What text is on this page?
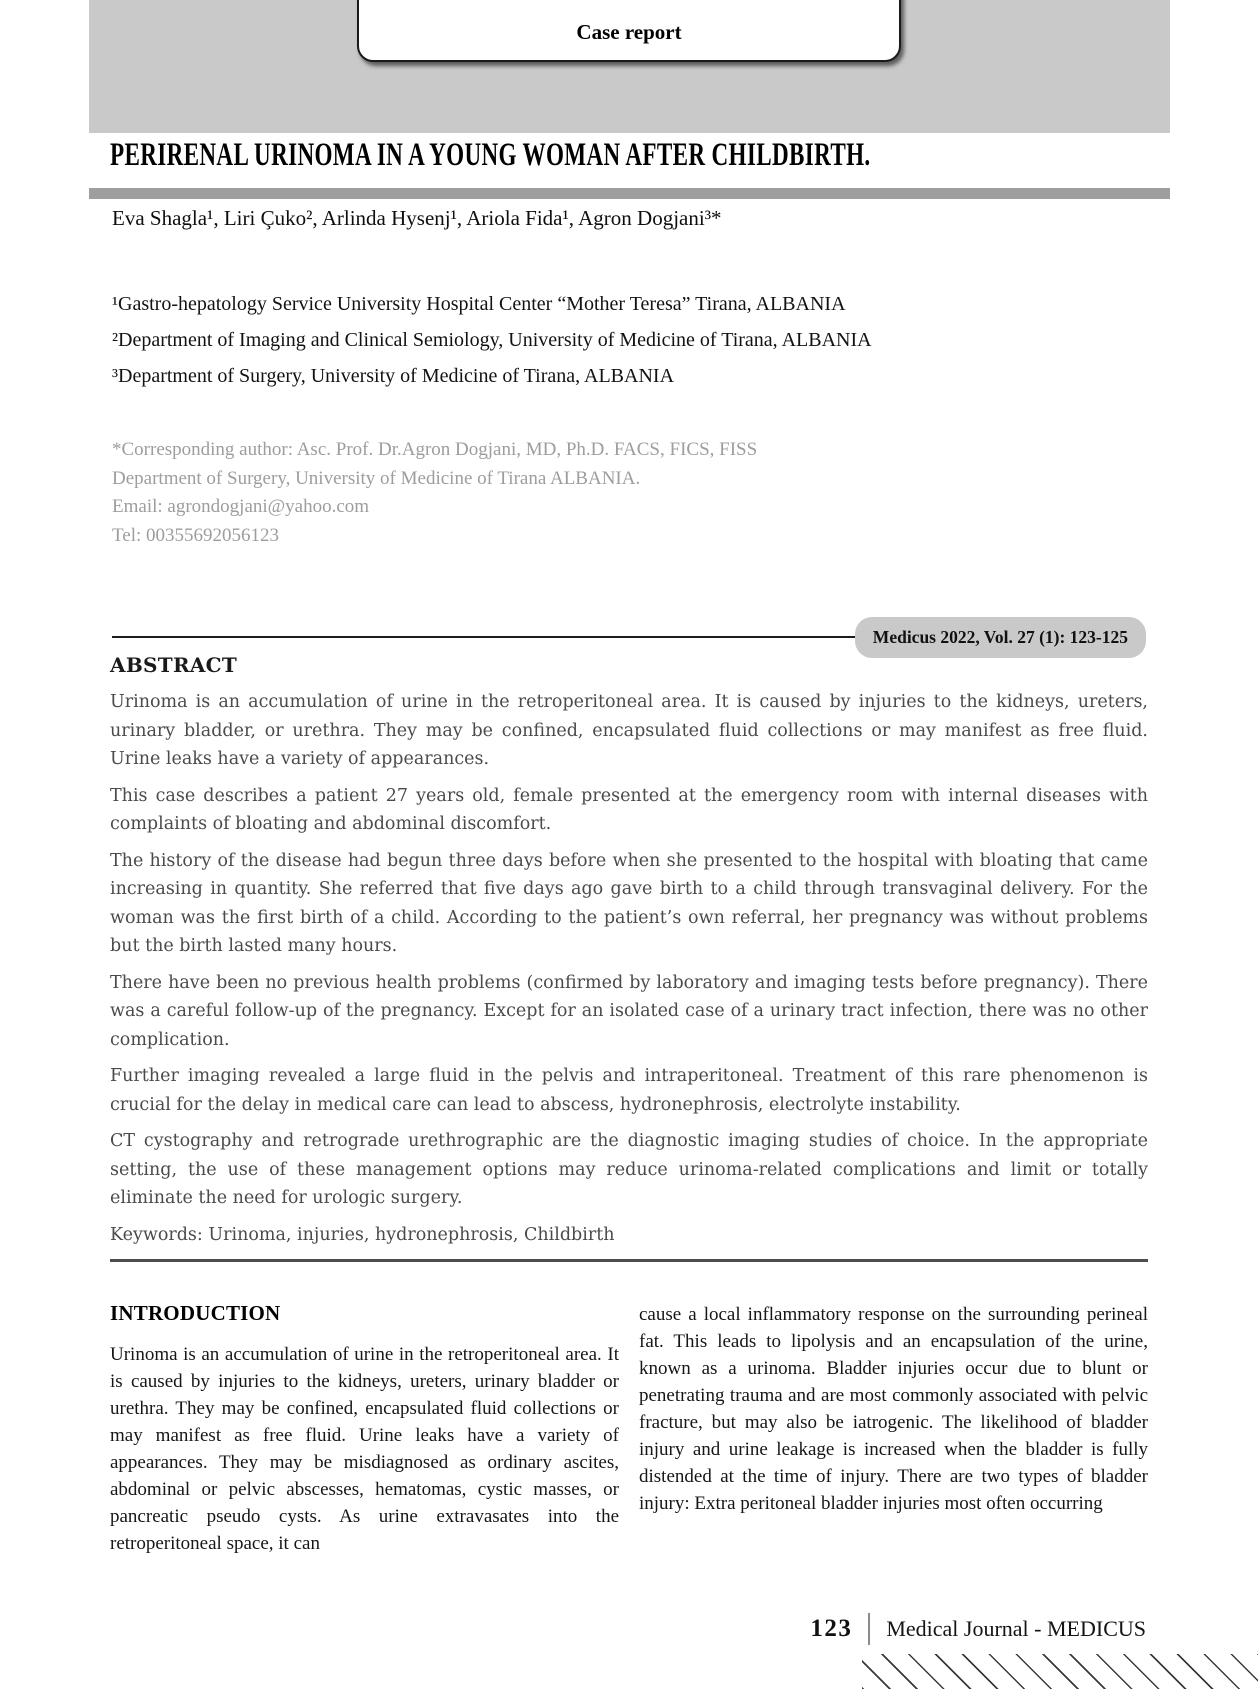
Case report
PERIRENAL URINOMA IN A YOUNG WOMAN AFTER CHILDBIRTH.
Eva Shagla¹, Liri Çuko², Arlinda Hysenj¹, Ariola Fida¹, Agron Dogjani³*
¹Gastro-hepatology Service University Hospital Center “Mother Teresa” Tirana, ALBANIA
²Department of Imaging and Clinical Semiology, University of Medicine of Tirana, ALBANIA
³Department of Surgery, University of Medicine of Tirana, ALBANIA
*Corresponding author: Asc. Prof. Dr.Agron Dogjani, MD, Ph.D. FACS, FICS, FISS
Department of Surgery, University of Medicine of Tirana ALBANIA.
Email: agrondogjani@yahoo.com
Tel: 00355692056123
Medicus 2022, Vol. 27 (1): 123-125
ABSTRACT

Urinoma is an accumulation of urine in the retroperitoneal area. It is caused by injuries to the kidneys, ureters, urinary bladder, or urethra. They may be confined, encapsulated fluid collections or may manifest as free fluid. Urine leaks have a variety of appearances.

This case describes a patient 27 years old, female presented at the emergency room with internal diseases with complaints of bloating and abdominal discomfort.

The history of the disease had begun three days before when she presented to the hospital with bloating that came increasing in quantity. She referred that five days ago gave birth to a child through transvaginal delivery. For the woman was the first birth of a child. According to the patient’s own referral, her pregnancy was without problems but the birth lasted many hours.

There have been no previous health problems (confirmed by laboratory and imaging tests before pregnancy). There was a careful follow-up of the pregnancy. Except for an isolated case of a urinary tract infection, there was no other complication.

Further imaging revealed a large fluid in the pelvis and intraperitoneal. Treatment of this rare phenomenon is crucial for the delay in medical care can lead to abscess, hydronephrosis, electrolyte instability.

CT cystography and retrograde urethrographic are the diagnostic imaging studies of choice. In the appropriate setting, the use of these management options may reduce urinoma-related complications and limit or totally eliminate the need for urologic surgery.

Keywords: Urinoma, injuries, hydronephrosis, Childbirth

INTRODUCTION

Urinoma is an accumulation of urine in the retroperitoneal area. It is caused by injuries to the kidneys, ureters, urinary bladder or urethra. They may be confined, encapsulated fluid collections or may manifest as free fluid. Urine leaks have a variety of appearances. They may be misdiagnosed as ordinary ascites, abdominal or pelvic abscesses, hematomas, cystic masses, or pancreatic pseudo cysts. As urine extravasates into the retroperitoneal space, it can

cause a local inflammatory response on the surrounding perineal fat. This leads to lipolysis and an encapsulation of the urine, known as a urinoma. Bladder injuries occur due to blunt or penetrating trauma and are most commonly associated with pelvic fracture, but may also be iatrogenic. The likelihood of bladder injury and urine leakage is increased when the bladder is fully distended at the time of injury. There are two types of bladder injury: Extra peritoneal bladder injuries most often occurring

123 Medical Journal - MEDICUS
